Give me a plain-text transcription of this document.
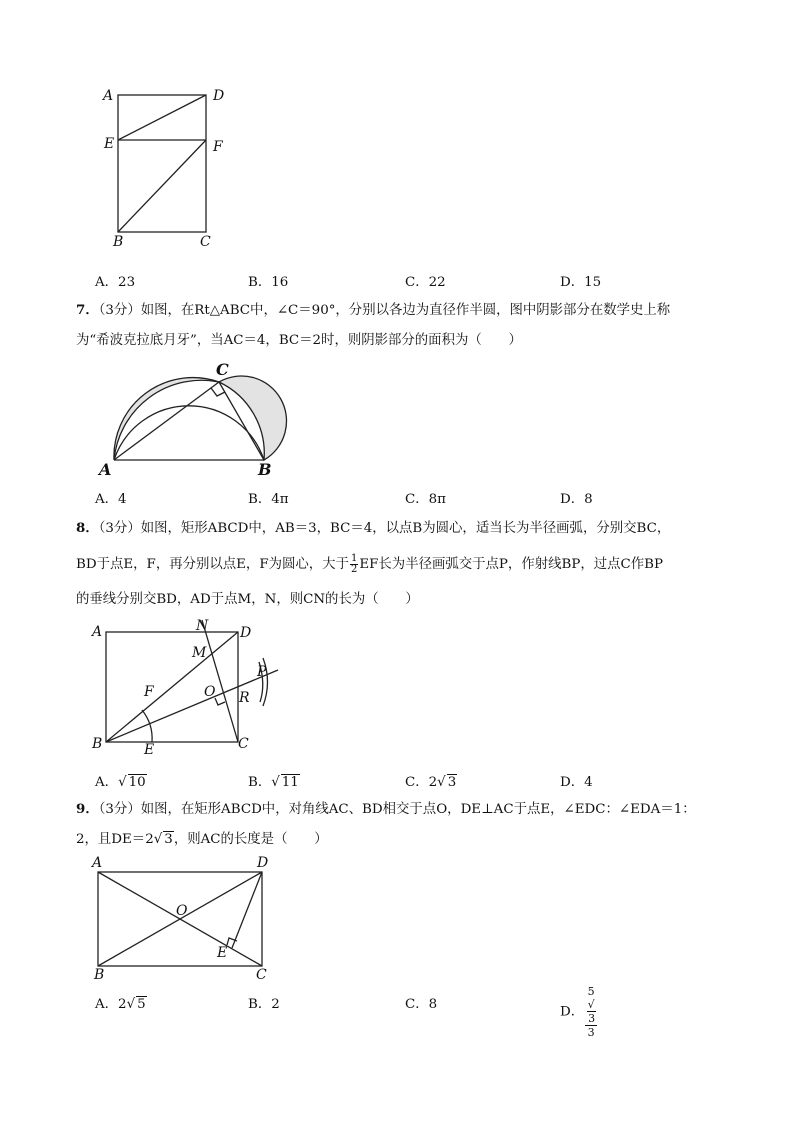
A	D
E	F
B	C
A．23	B．16	C．22	D．15
7．（3分）如图，在Rt△ABC中，∠C＝90°，分别以各边为直径作半圆，图中阴影部分在数学史上称
为“希波克拉底月牙”，当AC＝4，BC＝2时，则阴影部分的面积为（　　）
C
A	B
A．4	B．4π	C．8π	D．8
8．（3分）如图，矩形ABCD中，AB＝3，BC＝4，以点B为圆心，适当长为半径画弧，分别交BC，
BD于点E，F，再分别以点E，F为圆心，大于 $\frac{1}{2}$ EF长为半径画弧交于点P，作射线BP，过点C作BP
的垂线分别交BD，AD于点M，N，则CN的长为（　　）
A	N D
M
P
F	O R
B	E	C
A．√ 10	B．√ 11	C．2√ 3	D．4
9．（3分）如图，在矩形ABCD中，对角线AC、BD相交于点O，DE⊥AC于点E，∠EDC：∠EDA＝1：
2，且DE＝2√ 3，则AC的长度是（　　）
A	D
O
E
B	C
A．2√ 5	B．2	C．8	D． 5
√
3
3
